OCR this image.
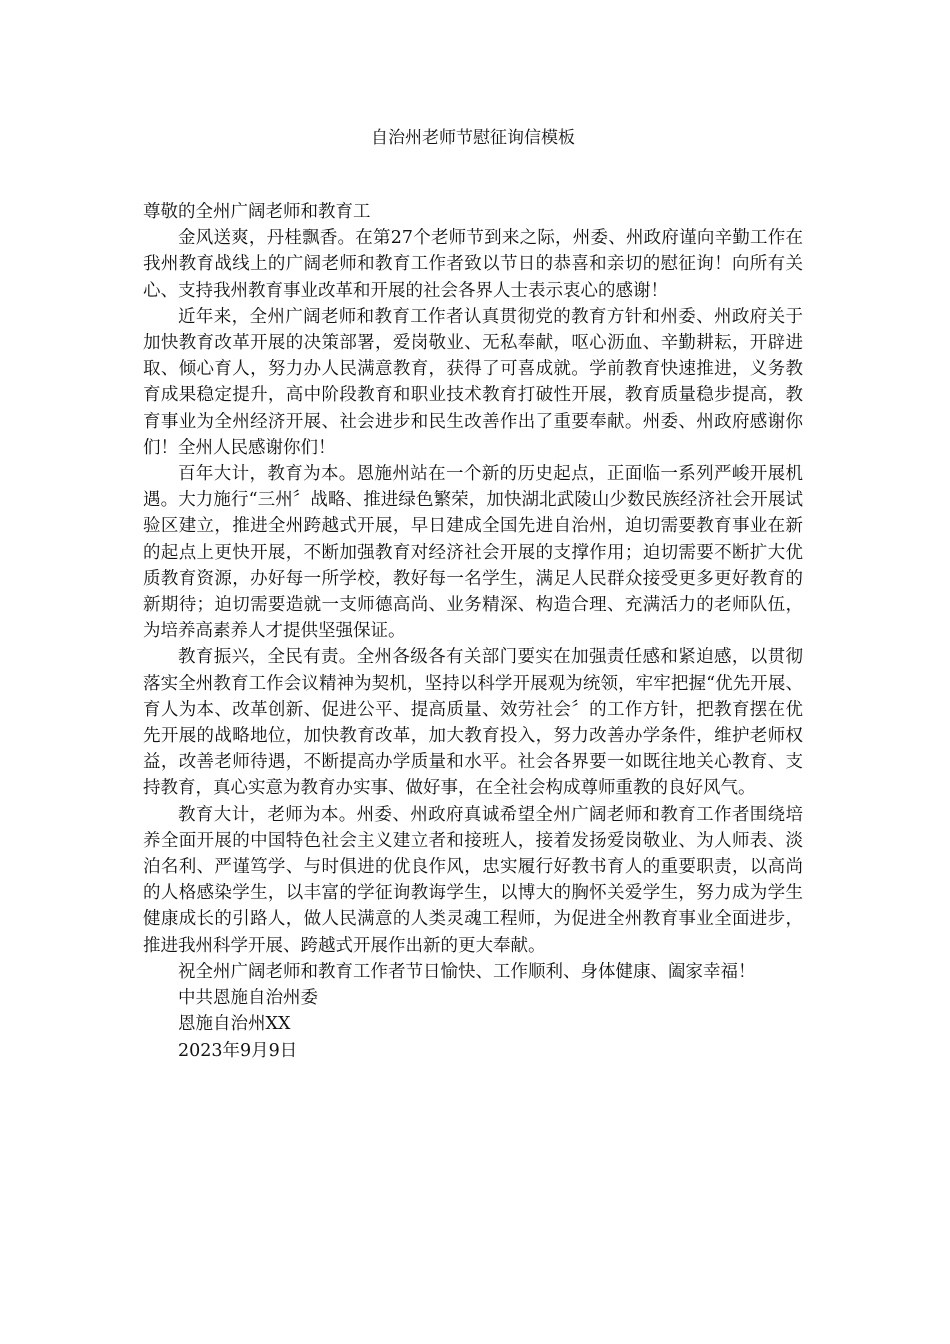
自治州老师节慰征询信模板

尊敬的全州广阔老师和教育工

金风送爽，丹桂飘香。在第27个老师节到来之际，州委、州政府谨向辛勤工作在我州教育战线上的广阔老师和教育工作者致以节日的恭喜和亲切的慰征询！向所有关心、支持我州教育事业改革和开展的社会各界人士表示衷心的感谢！

近年来，全州广阔老师和教育工作者认真贯彻党的教育方针和州委、州政府关于加快教育改革开展的决策部署，爱岗敬业、无私奉献，呕心沥血、辛勤耕耘，开辟进取、倾心育人，努力办人民满意教育，获得了可喜成就。学前教育快速推进，义务教育成果稳定提升，高中阶段教育和职业技术教育打破性开展，教育质量稳步提高，教育事业为全州经济开展、社会进步和民生改善作出了重要奉献。州委、州政府感谢你们！全州人民感谢你们！

百年大计，教育为本。恩施州站在一个新的历史起点，正面临一系列严峻开展机遇。大力施行“三州〞战略、推进绿色繁荣，加快湖北武陵山少数民族经济社会开展试验区建立，推进全州跨越式开展，早日建成全国先进自治州，迫切需要教育事业在新的起点上更快开展，不断加强教育对经济社会开展的支撑作用；迫切需要不断扩大优质教育资源，办好每一所学校，教好每一名学生，满足人民群众接受更多更好教育的新期待；迫切需要造就一支师德高尚、业务精深、构造合理、充满活力的老师队伍，为培养高素养人才提供坚强保证。

教育振兴，全民有责。全州各级各有关部门要实在加强责任感和紧迫感，以贯彻落实全州教育工作会议精神为契机，坚持以科学开展观为统领，牢牢把握“优先开展、育人为本、改革创新、促进公平、提高质量、效劳社会〞的工作方针，把教育摆在优先开展的战略地位，加快教育改革，加大教育投入，努力改善办学条件，维护老师权益，改善老师待遇，不断提高办学质量和水平。社会各界要一如既往地关心教育、支持教育，真心实意为教育办实事、做好事，在全社会构成尊师重教的良好风气。

教育大计，老师为本。州委、州政府真诚希望全州广阔老师和教育工作者围绕培养全面开展的中国特色社会主义建立者和接班人，接着发扬爱岗敬业、为人师表、淡泊名利、严谨笃学、与时俱进的优良作风，忠实履行好教书育人的重要职责，以高尚的人格感染学生，以丰富的学征询教诲学生，以博大的胸怀关爱学生，努力成为学生健康成长的引路人，做人民满意的人类灵魂工程师，为促进全州教育事业全面进步，推进我州科学开展、跨越式开展作出新的更大奉献。

祝全州广阔老师和教育工作者节日愉快、工作顺利、身体健康、阖家幸福！

中共恩施自治州委

恩施自治州XX

2023年9月9日
